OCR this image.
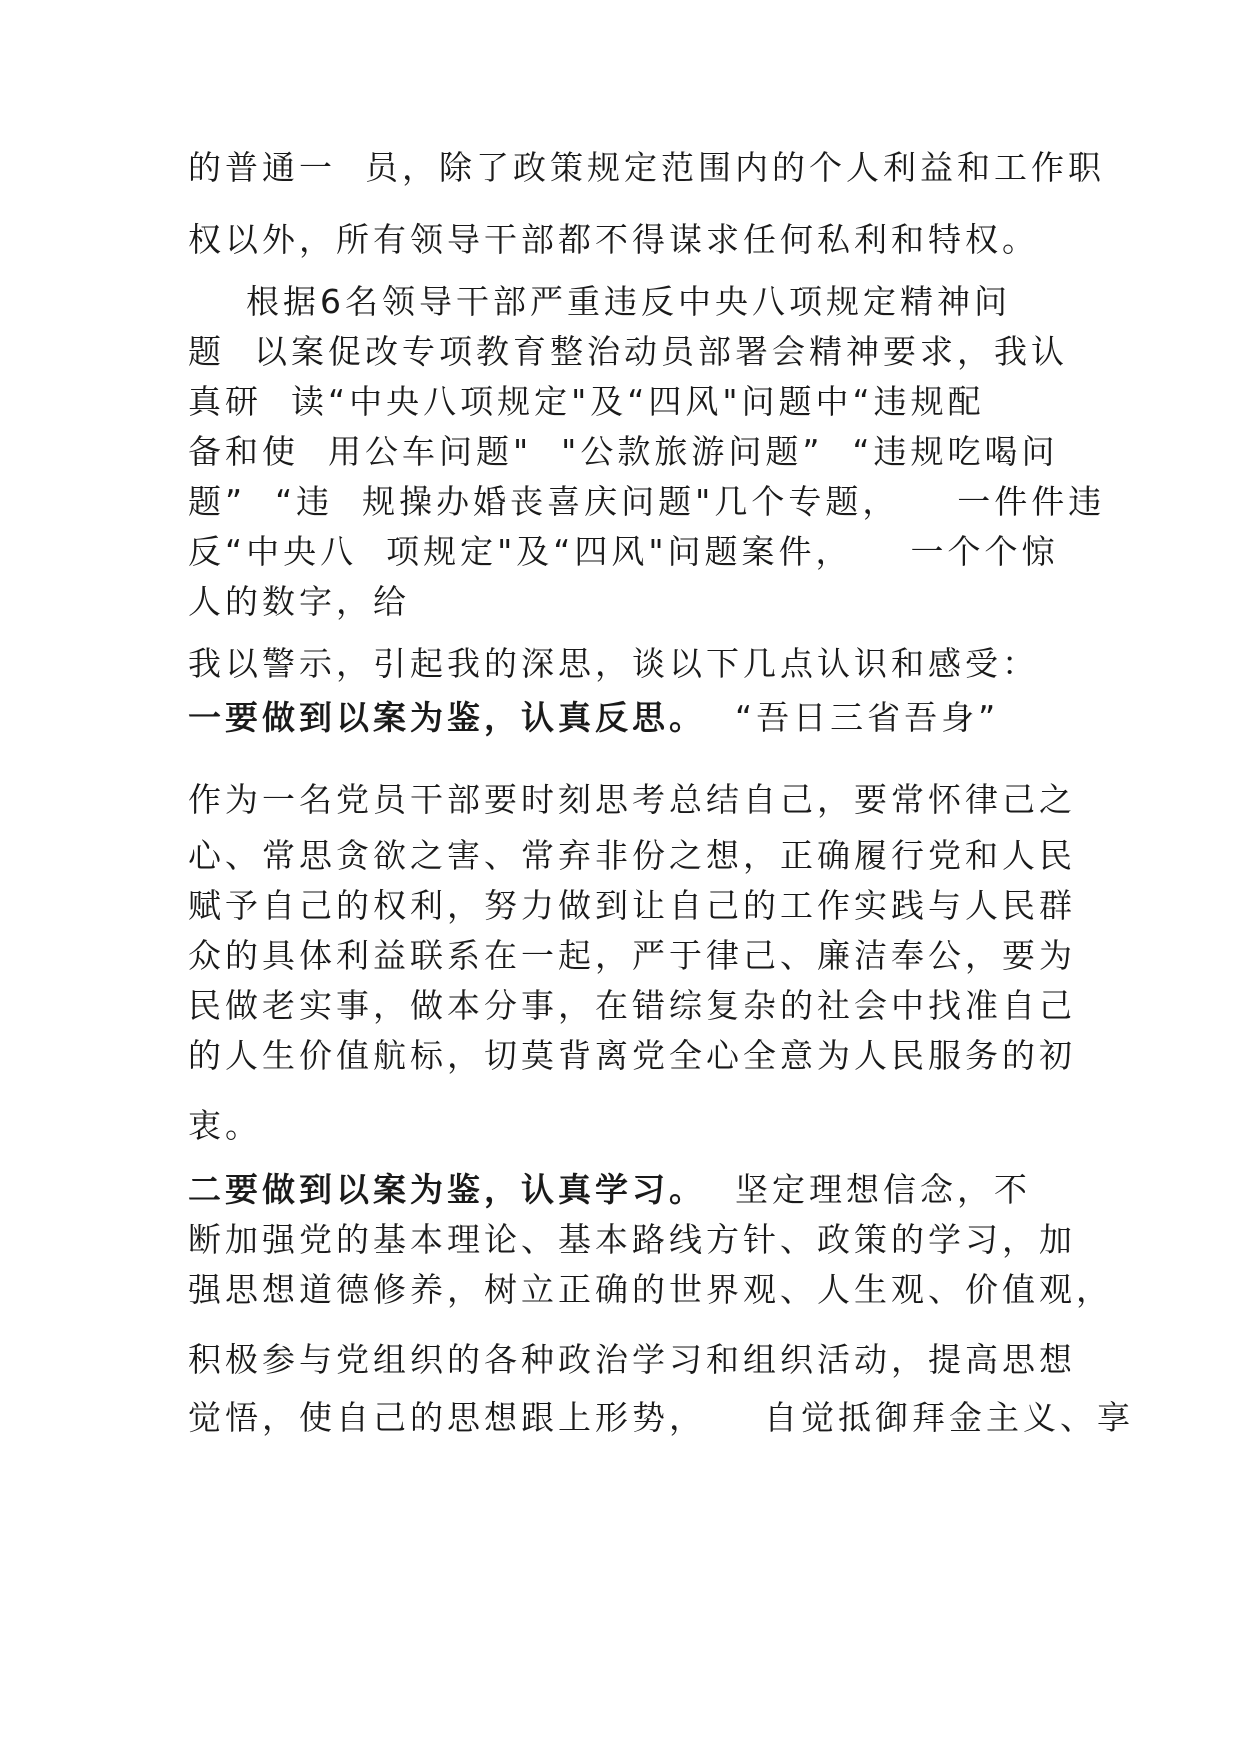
的普通一  员，除了政策规定范围内的个人利益和工作职

权以外，所有领导干部都不得谋求任何私利和特权。

根据6名领导干部严重违反中央八项规定精神问

题  以案促改专项教育整治动员部署会精神要求，我认

真研  读“中央八项规定"及“四风"问题中“违规配

备和使  用公车问题"  "公款旅游问题”  “违规吃喝问

题”  “违  规操办婚丧喜庆问题"几个专题，    一件件违

反“中央八  项规定"及“四风"问题案件，    一个个惊

人的数字，给

我以警示，引起我的深思，谈以下几点认识和感受：

一要做到以案为鉴，认真反思。  “吾日三省吾身”

作为一名党员干部要时刻思考总结自己，要常怀律己之

心、常思贪欲之害、常弃非份之想，正确履行党和人民

赋予自己的权利，努力做到让自己的工作实践与人民群

众的具体利益联系在一起，严于律己、廉洁奉公，要为

民做老实事，做本分事，在错综复杂的社会中找准自己

的人生价值航标，切莫背离党全心全意为人民服务的初

衷。

二要做到以案为鉴，认真学习。  坚定理想信念，不

断加强党的基本理论、基本路线方针、政策的学习，加

强思想道德修养，树立正确的世界观、人生观、价值观，

积极参与党组织的各种政治学习和组织活动，提高思想

觉悟，使自己的思想跟上形势，    自觉抵御拜金主义、享
